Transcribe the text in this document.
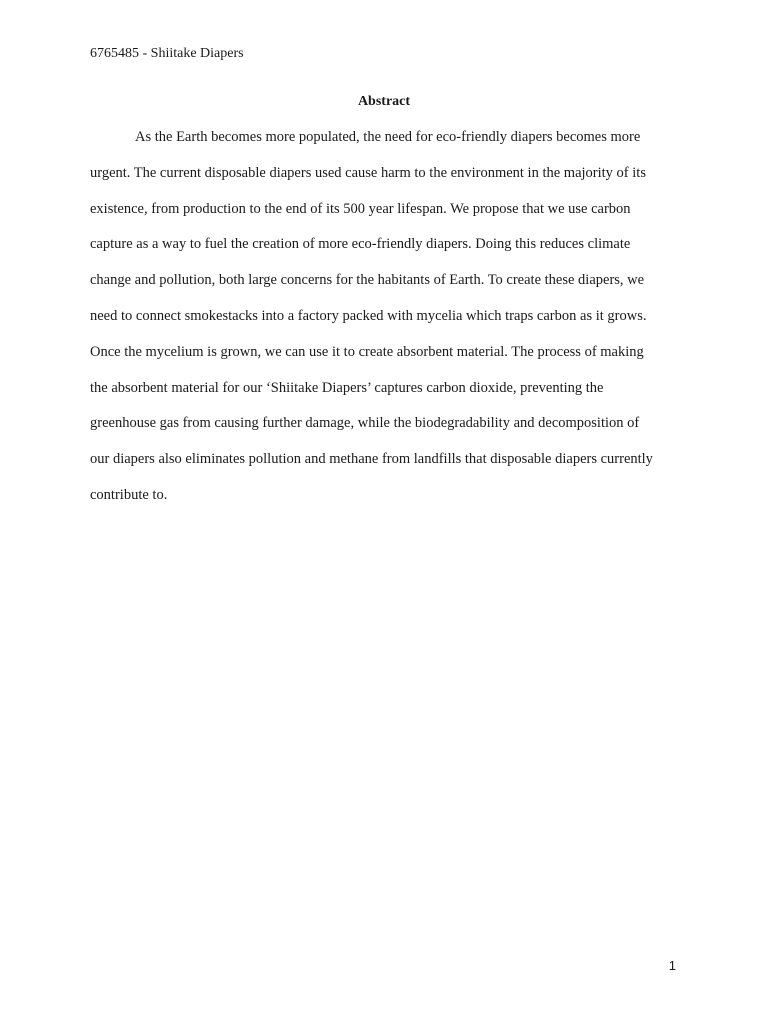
6765485 - Shiitake Diapers
Abstract
As the Earth becomes more populated, the need for eco-friendly diapers becomes more
urgent. The current disposable diapers used cause harm to the environment in the majority of its
existence, from production to the end of its 500 year lifespan. We propose that we use carbon
capture as a way to fuel the creation of more eco-friendly diapers. Doing this reduces climate
change and pollution, both large concerns for the habitants of Earth. To create these diapers, we
need to connect smokestacks into a factory packed with mycelia which traps carbon as it grows.
Once the mycelium is grown, we can use it to create absorbent material. The process of making
the absorbent material for our ‘Shiitake Diapers’ captures carbon dioxide, preventing the
greenhouse gas from causing further damage, while the biodegradability and decomposition of
our diapers also eliminates pollution and methane from landfills that disposable diapers currently
contribute to.
1
